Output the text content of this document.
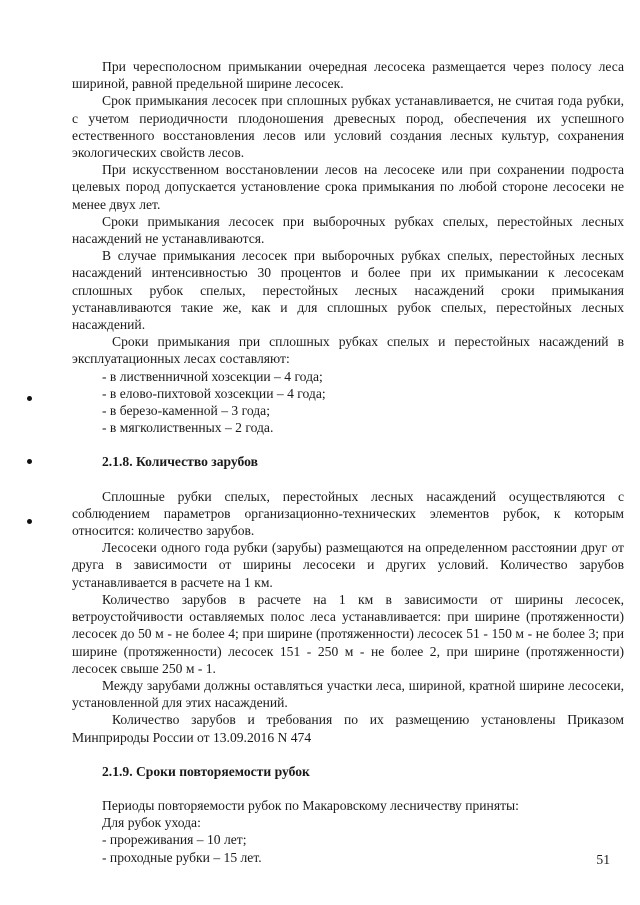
При чересполосном примыкании очередная лесосека размещается через полосу леса шириной, равной предельной ширине лесосек.

Срок примыкания лесосек при сплошных рубках устанавливается, не считая года рубки, с учетом периодичности плодоношения древесных пород, обеспечения их успешного естественного восстановления лесов или условий создания лесных культур, сохранения экологических свойств лесов.

При искусственном восстановлении лесов на лесосеке или при сохранении подроста целевых пород допускается установление срока примыкания по любой стороне лесосеки не менее двух лет.

Сроки примыкания лесосек при выборочных рубках спелых, перестойных лесных насаждений не устанавливаются.

В случае примыкания лесосек при выборочных рубках спелых, перестойных лесных насаждений интенсивностью 30 процентов и более при их примыкании к лесосекам сплошных рубок спелых, перестойных лесных насаждений сроки примыкания устанавливаются такие же, как и для сплошных рубок спелых, перестойных лесных насаждений.

Сроки примыкания при сплошных рубках спелых и перестойных насаждений в эксплуатационных лесах составляют:

- в лиственничной хозсекции – 4 года;
- в елово-пихтовой хозсекции – 4 года;
- в березо-каменной – 3 года;
- в мягколиственных – 2 года.

2.1.8. Количество зарубов

Сплошные рубки спелых, перестойных лесных насаждений осуществляются с соблюдением параметров организационно-технических элементов рубок, к которым относится: количество зарубов.

Лесосеки одного года рубки (зарубы) размещаются на определенном расстоянии друг от друга в зависимости от ширины лесосеки и других условий. Количество зарубов устанавливается в расчете на 1 км.

Количество зарубов в расчете на 1 км в зависимости от ширины лесосек, ветроустойчивости оставляемых полос леса устанавливается: при ширине (протяженности) лесосек до 50 м - не более 4; при ширине (протяженности) лесосек 51 - 150 м - не более 3; при ширине (протяженности) лесосек 151 - 250 м - не более 2, при ширине (протяженности) лесосек свыше 250 м - 1.

Между зарубами должны оставляться участки леса, шириной, кратной ширине лесосеки, установленной для этих насаждений.

Количество зарубов и требования по их размещению установлены Приказом Минприроды России от 13.09.2016 N 474

2.1.9. Сроки повторяемости рубок

Периоды повторяемости рубок по Макаровскому лесничеству приняты:

Для рубок ухода:

- прореживания – 10 лет;
- проходные рубки – 15 лет.	51
